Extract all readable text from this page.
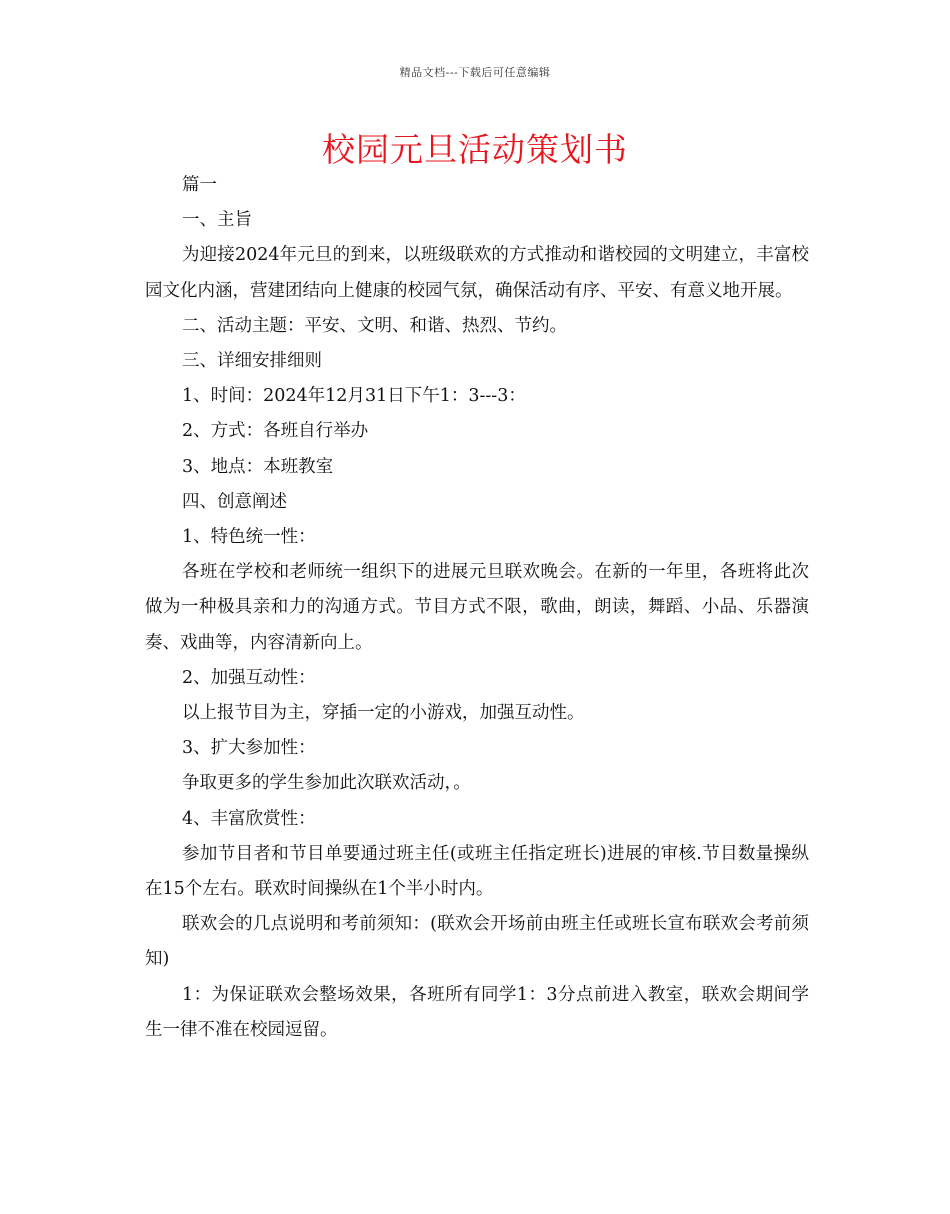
精品文档---下载后可任意编辑
校园元旦活动策划书

篇一

一、主旨

为迎接2024年元旦的到来，以班级联欢的方式推动和谐校园的文明建立，丰富校园文化内涵，营建团结向上健康的校园气氛，确保活动有序、平安、有意义地开展。

二、活动主题：平安、文明、和谐、热烈、节约。

三、详细安排细则

1、时间：2024年12月31日下午1：3---3：

2、方式：各班自行举办

3、地点：本班教室

四、创意阐述

1、特色统一性：

各班在学校和老师统一组织下的进展元旦联欢晚会。在新的一年里，各班将此次做为一种极具亲和力的沟通方式。节目方式不限，歌曲，朗读，舞蹈、小品、乐器演奏、戏曲等，内容清新向上。

2、加强互动性：

以上报节目为主，穿插一定的小游戏，加强互动性。

3、扩大参加性：

争取更多的学生参加此次联欢活动，。

4、丰富欣赏性：

参加节目者和节目单要通过班主任(或班主任指定班长)进展的审核.节目数量操纵在15个左右。联欢时间操纵在1个半小时内。

联欢会的几点说明和考前须知：(联欢会开场前由班主任或班长宣布联欢会考前须知)

1：为保证联欢会整场效果，各班所有同学1：3分点前进入教室，联欢会期间学生一律不准在校园逗留。
